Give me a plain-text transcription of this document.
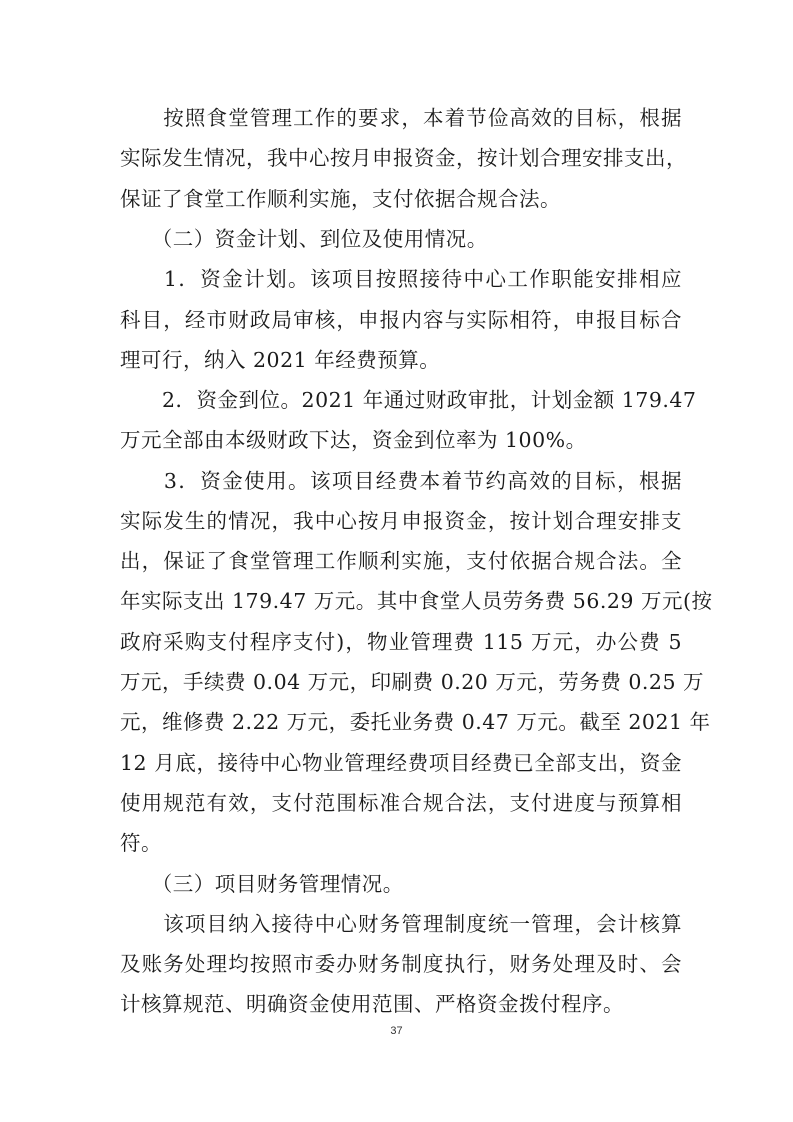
　　按照食堂管理工作的要求，本着节俭高效的目标，根据
实际发生情况，我中心按月申报资金，按计划合理安排支出，
保证了食堂工作顺利实施，支付依据合规合法。
　　（二）资金计划、到位及使用情况。
　　1．资金计划。该项目按照接待中心工作职能安排相应
科目，经市财政局审核，申报内容与实际相符，申报目标合
理可行，纳入 2021 年经费预算。
　　2．资金到位。2021 年通过财政审批，计划金额 179.47
万元全部由本级财政下达，资金到位率为 100%。
　　3．资金使用。该项目经费本着节约高效的目标，根据
实际发生的情况，我中心按月申报资金，按计划合理安排支
出，保证了食堂管理工作顺利实施，支付依据合规合法。全
年实际支出 179.47 万元。其中食堂人员劳务费 56.29 万元(按
政府采购支付程序支付)，物业管理费 115 万元，办公费 5
万元，手续费 0.04 万元，印刷费 0.20 万元，劳务费 0.25 万
元，维修费 2.22 万元，委托业务费 0.47 万元。截至 2021 年
12 月底，接待中心物业管理经费项目经费已全部支出，资金
使用规范有效，支付范围标准合规合法，支付进度与预算相
符。
　　（三）项目财务管理情况。
　　该项目纳入接待中心财务管理制度统一管理，会计核算
及账务处理均按照市委办财务制度执行，财务处理及时、会
计核算规范、明确资金使用范围、严格资金拨付程序。
37
